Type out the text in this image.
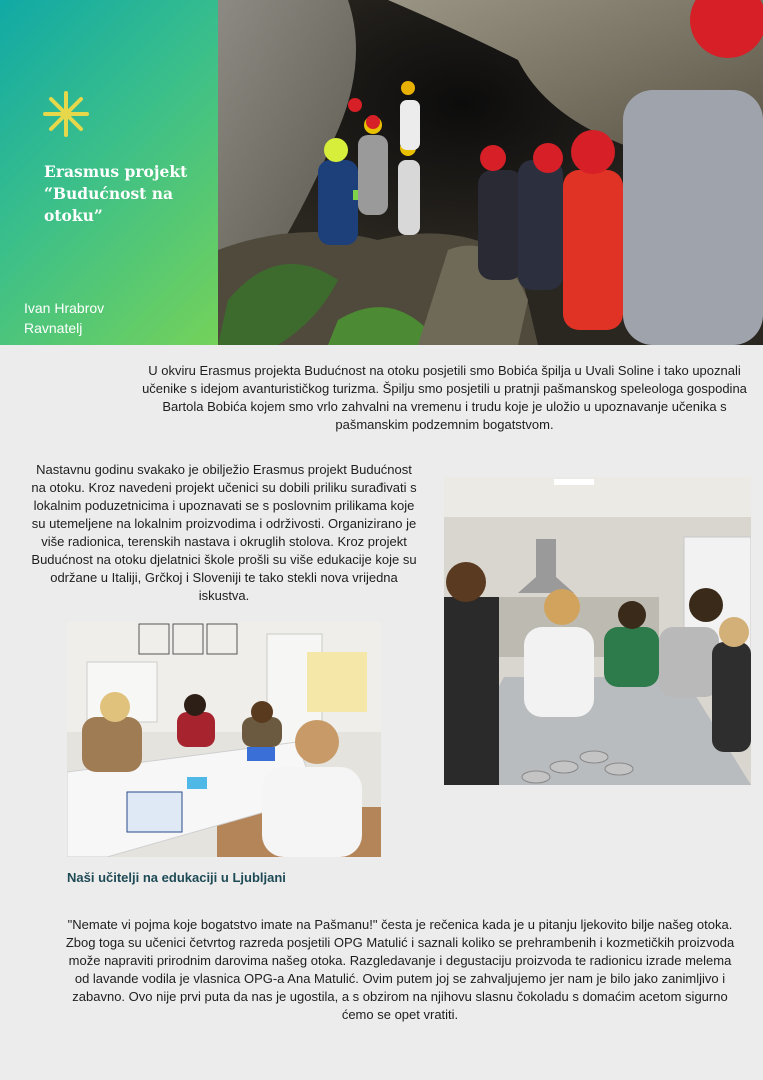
Erasmus projekt “Budućnost na otoku”
Ivan Hrabrov
Ravnatelj
U okviru Erasmus projekta Budućnost na otoku posjetili smo Bobića špilja u Uvali Soline i tako upoznali učenike s idejom avanturističkog turizma. Špilju smo posjetili u pratnji pašmanskog speleologa gospodina Bartola Bobića kojem smo vrlo zahvalni na vremenu i trudu koje je uložio u upoznavanje učenika s pašmanskim podzemnim bogatstvom.
Nastavnu godinu svakako je obilježio Erasmus projekt Budućnost na otoku. Kroz navedeni projekt učenici su dobili priliku surađivati s lokalnim poduzetnicima i upoznavati se s poslovnim prilikama koje su utemeljene na lokalnim proizvodima i održivosti. Organizirano je više radionica, terenskih nastava i okruglih stolova. Kroz projekt Budućnost na otoku djelatnici škole prošli su više edukacije koje su održane u Italiji, Grčkoj i Sloveniji te tako stekli nova vrijedna iskustva.
Naši učitelji na edukaciji u Ljubljani
"Nemate vi pojma koje bogatstvo imate na Pašmanu!" česta je rečenica kada je u pitanju ljekovito bilje našeg otoka. Zbog toga su učenici četvrtog razreda posjetili OPG Matulić i saznali koliko se prehrambenih i kozmetičkih proizvoda može napraviti prirodnim darovima našeg otoka. Razgledavanje i degustaciju proizvoda te radionicu izrade melema od lavande vodila je vlasnica OPG-a Ana Matulić. Ovim putem joj se zahvaljujemo jer nam je bilo jako zanimljivo i zabavno. Ovo nije prvi puta da nas je ugostila, a s obzirom na njihovu slasnu čokoladu s domaćim acetom sigurno ćemo se opet vratiti.
